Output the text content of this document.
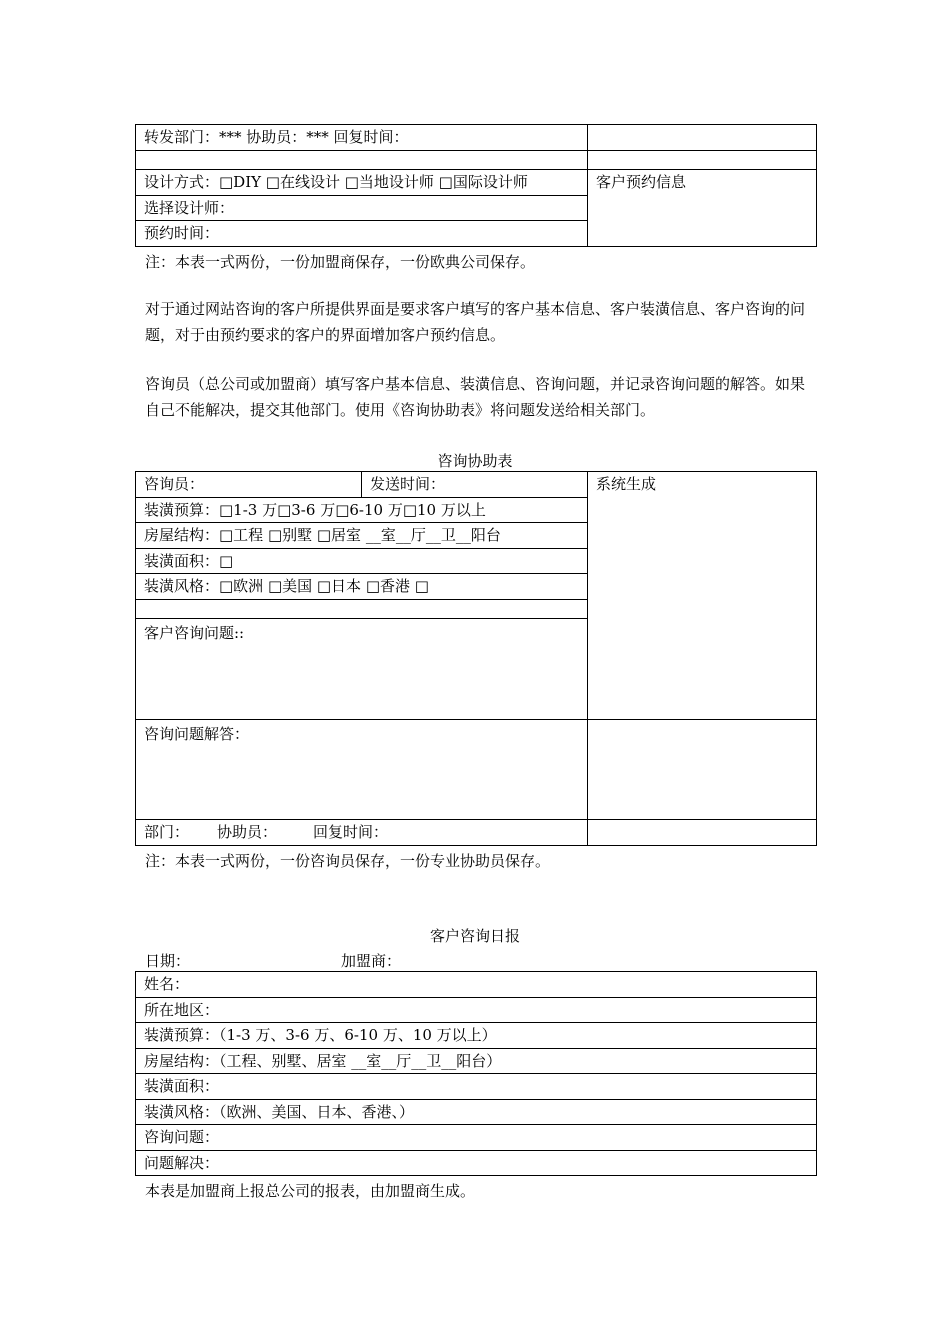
转发部门：*** 协助员：*** 回复时间：	

设计方式：□DIY □在线设计 □当地设计师 □国际设计师	客户预约信息
选择设计师：	
预约时间：	
注：本表一式两份，一份加盟商保存，一份欧典公司保存。

对于通过网站咨询的客户所提供界面是要求客户填写的客户基本信息、客户装潢信息、客户咨询的问题，对于由预约要求的客户的界面增加客户预约信息。

咨询员（总公司或加盟商）填写客户基本信息、装潢信息、咨询问题，并记录咨询问题的解答。如果自己不能解决，提交其他部门。使用《咨询协助表》将问题发送给相关部门。

咨询协助表
咨询员：	发送时间：	系统生成
装潢预算：□1-3 万□3-6 万□6-10 万□10 万以上		
房屋结构：□工程 □别墅 □居室 __室__厅__卫__阳台		
装潢面积：□		
装潢风格：□欧洲 □美国 □日本 □香港 □		

客户咨询问题::		
咨询问题解答：		
部门： 协助员： 回复时间：		
注：本表一式两份，一份咨询员保存，一份专业协助员保存。
客户咨询日报
日期：	加盟商：
姓名：
所在地区：
装潢预算：（1-3 万、3-6 万、6-10 万、10 万以上）
房屋结构：（工程、别墅、居室 __室__厅__卫__阳台）
装潢面积：
装潢风格：（欧洲、美国、日本、香港、）
咨询问题：
问题解决：
本表是加盟商上报总公司的报表，由加盟商生成。
